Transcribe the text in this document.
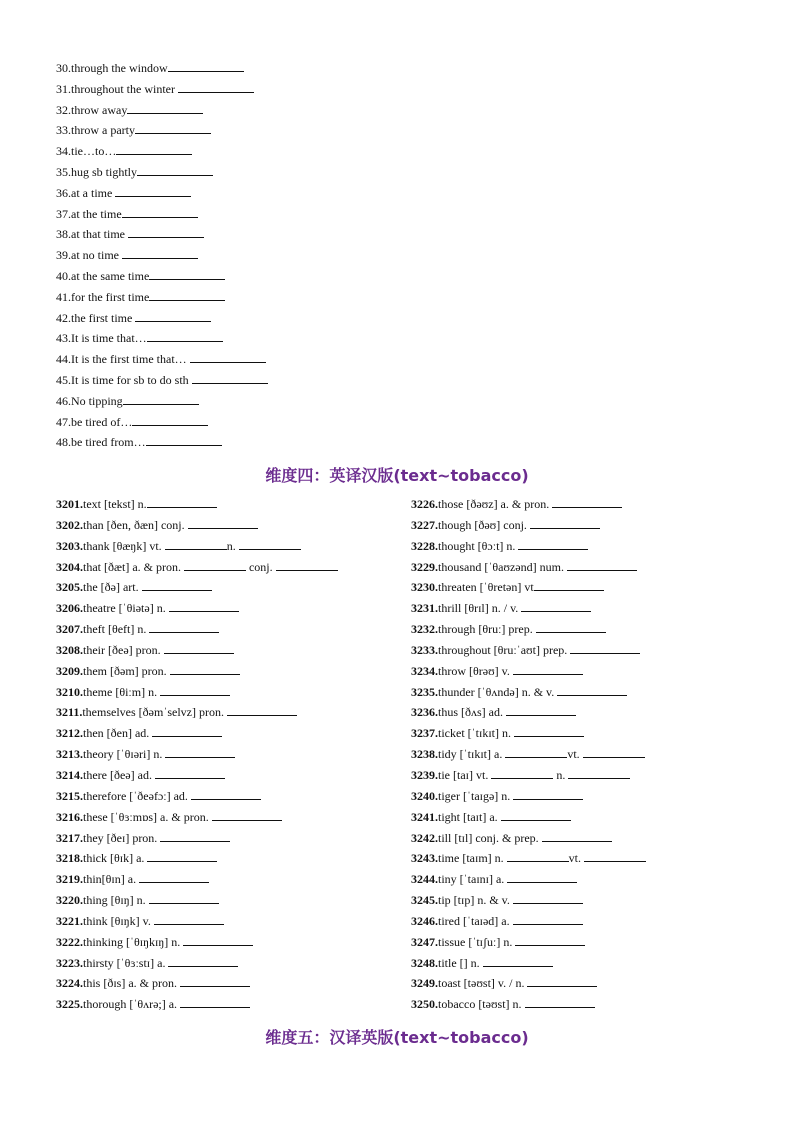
30.through the window
31.throughout the winter
32.throw away
33.throw a party
34.tie…to…
35.hug sb tightly
36.at a time
37.at the time
38.at that time
39.at no time
40.at the same time
41.for the first time
42.the first time
43.It is time that…
44.It is the first time that…
45.It is time for sb to do sth
46.No tipping
47.be tired of…
48.be tired from…
维度四：英译汉版(text~tobacco)
3201.text [tekst] n.
3202.than [ðen, ðæn] conj.
3203.thank [θæŋk] vt.	n.
3204.that [ðæt] a. & pron.	conj.
3205.the [ðə] art.
3206.theatre [ˈθiətə] n.
3207.theft [θeft] n.
3208.their [ðeə] pron.
3209.them [ðəm] pron.
3210.theme [θiːm] n.
3211.themselves [ðəmˈselvz] pron.
3212.then [ðen] ad.
3213.theory [ˈθɪəri] n.
3214.there [ðeə] ad.
3215.therefore [ˈðeəfɔː] ad.
3216.these [ˈθɜːmɒs] a. & pron.
3217.they [ðeɪ] pron.
3218.thick [θɪk] a.
3219.thin[θɪn] a.
3220.thing [θɪŋ] n.
3221.think [θɪŋk] v.
3222.thinking [ˈθɪŋkɪŋ] n.
3223.thirsty [ˈθɜːstɪ] a.
3224.this [ðɪs] a. & pron.
3225.thorough [ˈθʌrə;] a.
3226.those [ðəʊz] a. & pron.
3227.though [ðəʊ] conj.
3228.thought [θɔːt] n.
3229.thousand [ˈθaʊzənd] num.
3230.threaten [ˈθretən] vt
3231.thrill [θrɪl] n. / v.
3232.through [θruː] prep.
3233.throughout [θruːˈaʊt] prep.
3234.throw [θrəʊ] v.
3235.thunder [ˈθʌndə] n. & v.
3236.thus [ðʌs] ad.
3237.ticket [ˈtɪkɪt] n.
3238.tidy [ˈtɪkɪt] a.	vt.
3239.tie [taɪ] vt.	n.
3240.tiger [ˈtaɪgə] n.
3241.tight [taɪt] a.
3242.till [tɪl] conj. & prep.
3243.time [taɪm] n.	vt.
3244.tiny [ˈtaɪnɪ] a.
3245.tip [tɪp] n. & v.
3246.tired [ˈtaɪəd] a.
3247.tissue [ˈtɪʃuː] n.
3248.title [] n.
3249.toast [təʊst] v. / n.
3250.tobacco [təʊst] n.
维度五：汉译英版(text~tobacco)
